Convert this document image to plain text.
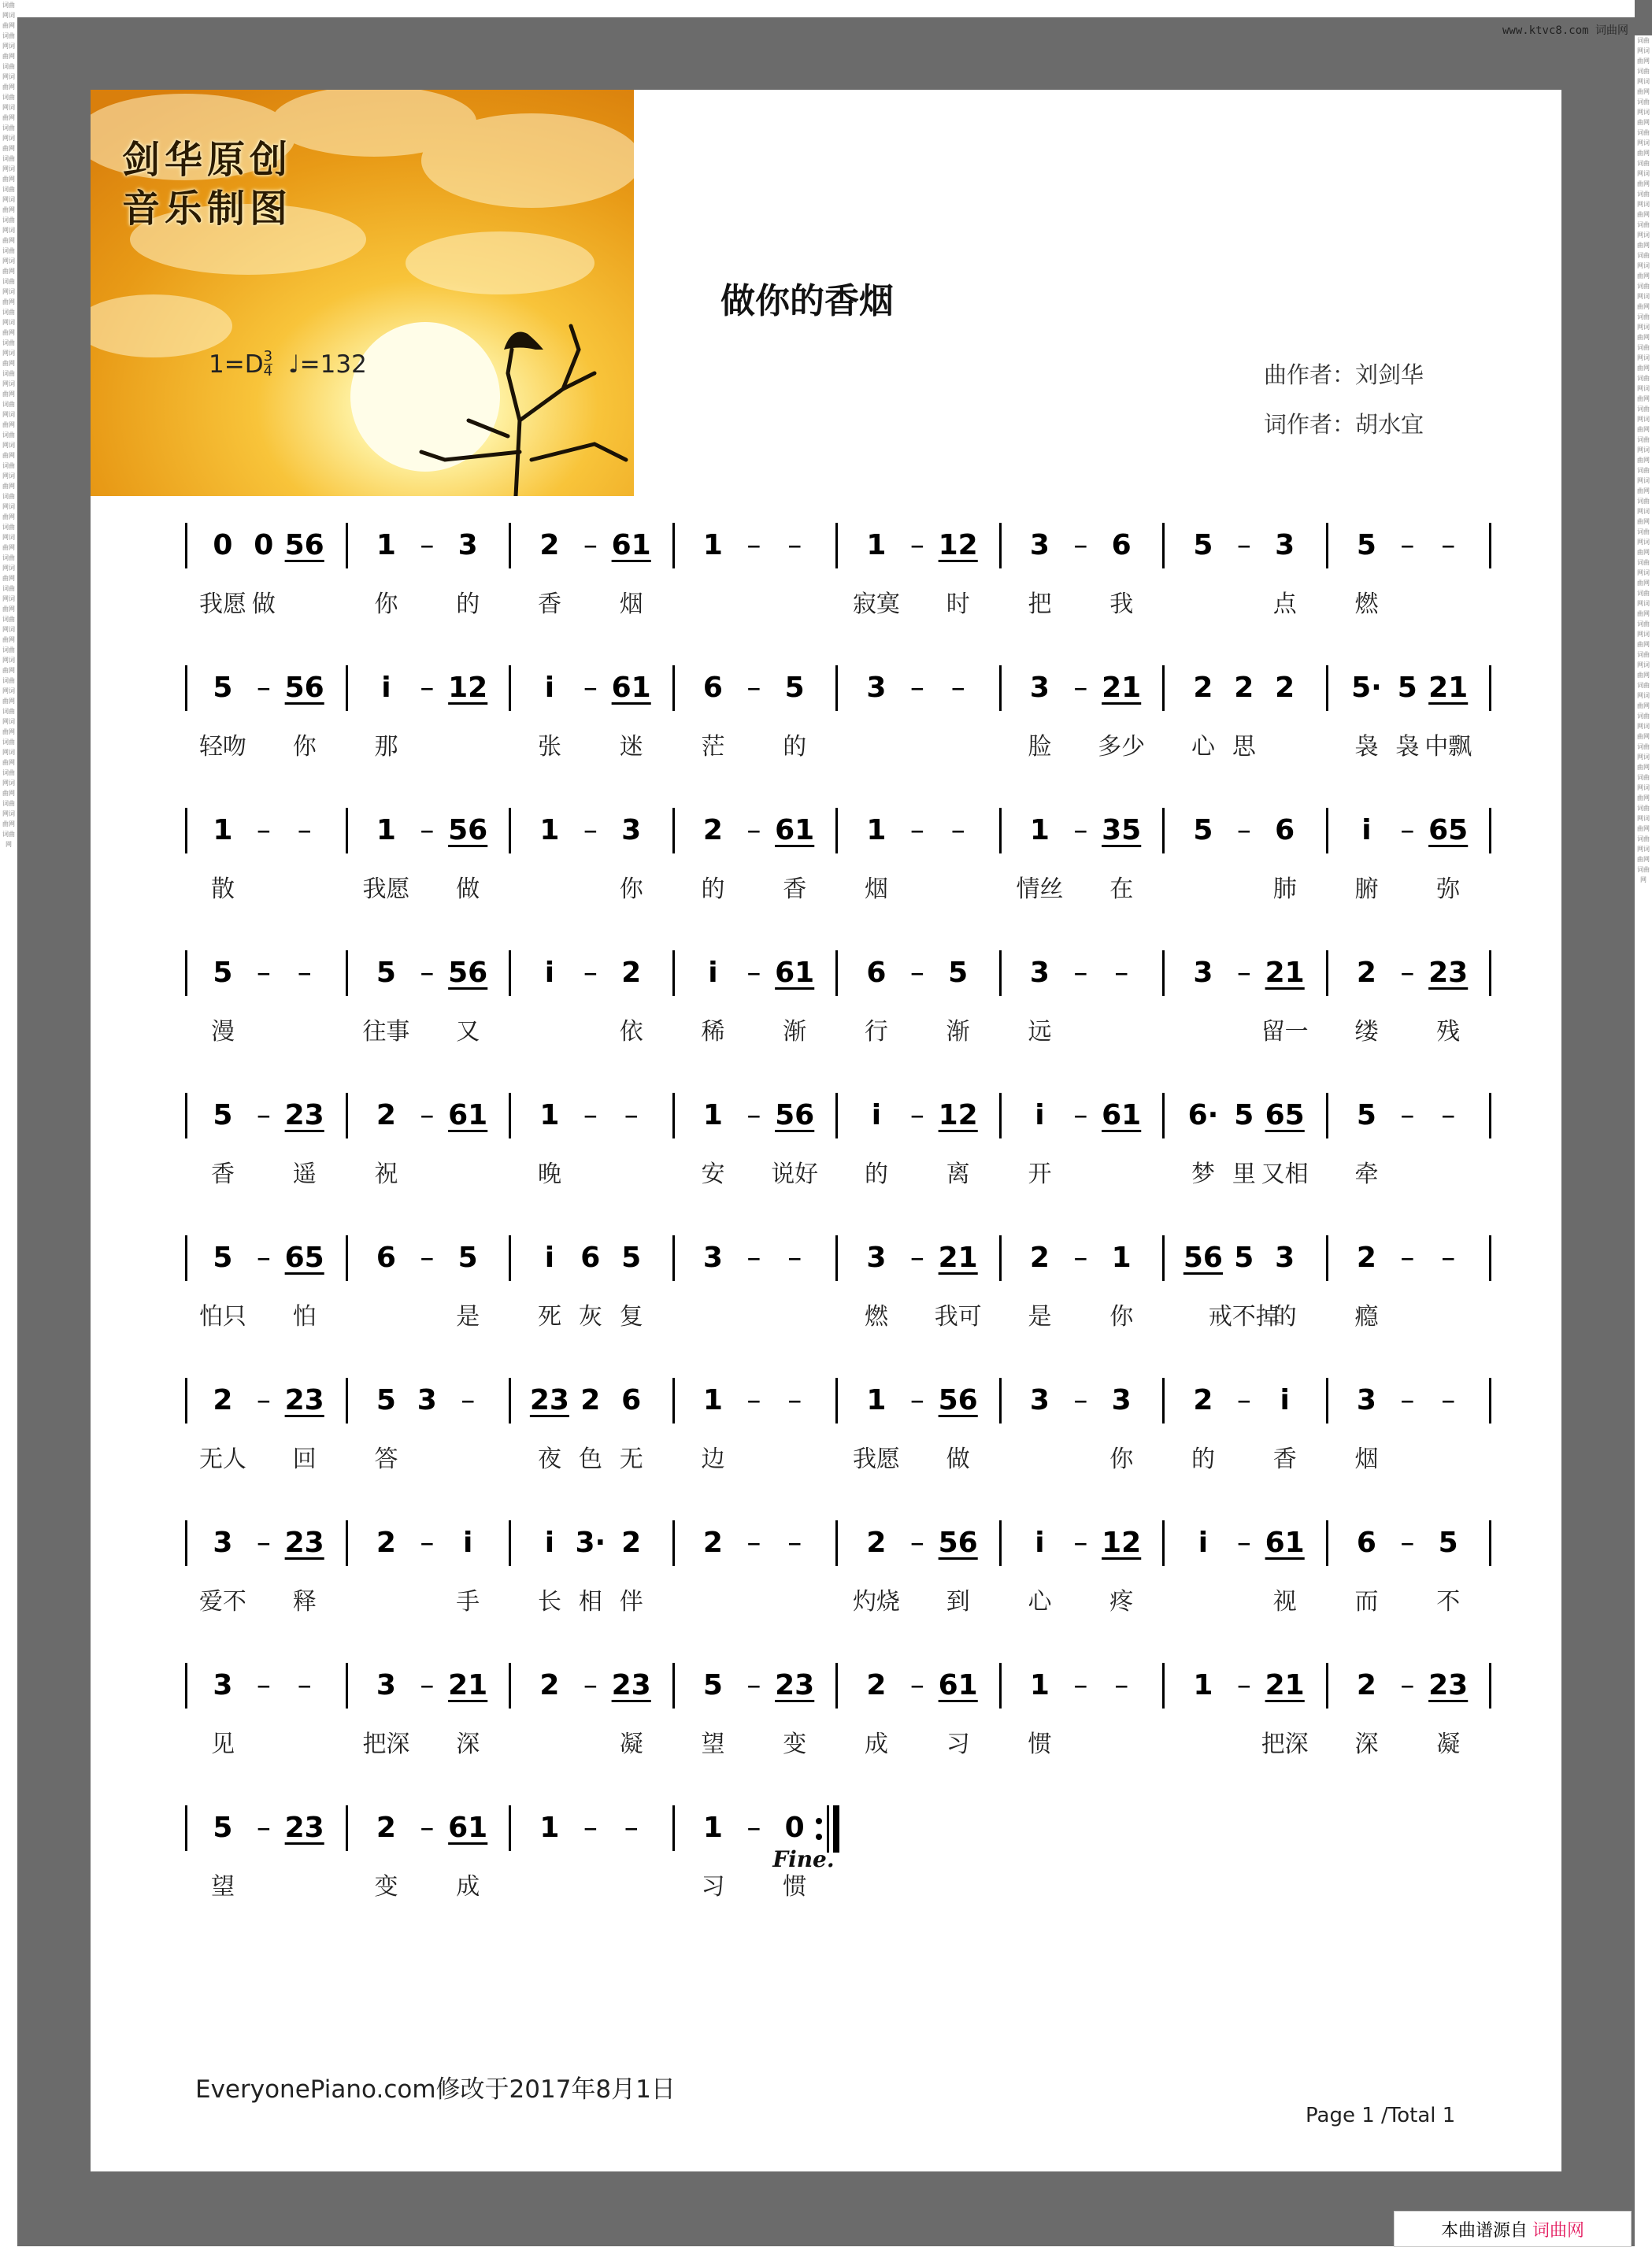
www.ktvc8.com 词曲网
词曲网词曲网词曲网词曲网词曲网词曲网词曲网词曲网词曲网词曲网词曲网词曲网词曲网词曲网词曲网词曲网词曲网词曲网词曲网词曲网词曲网词曲网词曲网词曲网词曲网词曲网词曲网词曲网词曲网词曲网词曲网词曲网词曲网词曲网词曲网词曲网词曲网词曲网词曲网词曲网词曲网词曲网词曲网词曲网词曲网词曲网词曲网词曲网词曲网词曲网词曲网词曲网词曲网词曲网词曲网
词曲网词曲网词曲网词曲网词曲网词曲网词曲网词曲网词曲网词曲网词曲网词曲网词曲网词曲网词曲网词曲网词曲网词曲网词曲网词曲网词曲网词曲网词曲网词曲网词曲网词曲网词曲网词曲网词曲网词曲网词曲网词曲网词曲网词曲网词曲网词曲网词曲网词曲网词曲网词曲网词曲网词曲网词曲网词曲网词曲网词曲网词曲网词曲网词曲网词曲网词曲网词曲网词曲网词曲网词曲网
剑华原创
音乐制图
$1=D \frac{3}{4}$ ♩ =132
做你的香烟
曲作者：刘剑华
词作者：胡水宜
0 0 56 1 – 3 2 – 61 1 – – 1 – 12 3 – 6 5 – 3 5 – –
我愿 做	你 的 香 烟	寂寞 时 把 我	点 燃
5 – 56 i – 12 i – 61 6 – 5 3 – – 3 – 21 2 2 2 5· 5 21
轻吻 你 那	张 迷 茫 的	脸 多少 心 思	袅 袅 中飘
1 – – 1 – 56 1 – 3 2 – 61 1 – – 1 – 35 5 – 6 i – 65
散	我愿 做	你 的 香 烟	情丝 在	肺 腑 弥
5 – – 5 – 56 i – 2 i – 61 6 – 5 3 – – 3 – 21 2 – 23
漫	往事 又	依 稀 渐 行 渐 远	留一 缕 残
5 – 23 2 – 61 1 – – 1 – 56 i – 12 i – 61 6· 5 65 5 – –
香 遥 祝	晚	安 说好 的 离 开	梦 里 又相 牵
5 – 65 6 – 5 i 6 5 3 – – 3 – 21 2 – 1 56 5 3 2 – –
怕只 怕	是 死 灰 复	燃 我可 是 你	戒不掉
的 瘾
2 – 23 5 3 – 23 2 6 1 – – 1 – 56 3 – 3 2 – i 3 – –
无人 回 答	夜 色 无 边	我愿 做	你 的 香 烟
3 – 23 2 – i	i 3· 2 2 – – 2 – 56 i – 12 i – 61 6 – 5
爱不 释	手 长 相 伴	灼烧 到 心 疼	视 而 不
3 – – 3 – 21 2 – 23 5 – 23 2 – 61 1 – – 1 – 21 2 – 23
见	把深 深	凝 望 变 成 习 惯	把深 深 凝
5 – 23 2 – 61 1 – – 1 – 0
望	变 成	习 惯
Fine.
EveryonePiano.com修改于2017年8月1日
Page 1 /Total 1
本曲谱源自 词曲网
